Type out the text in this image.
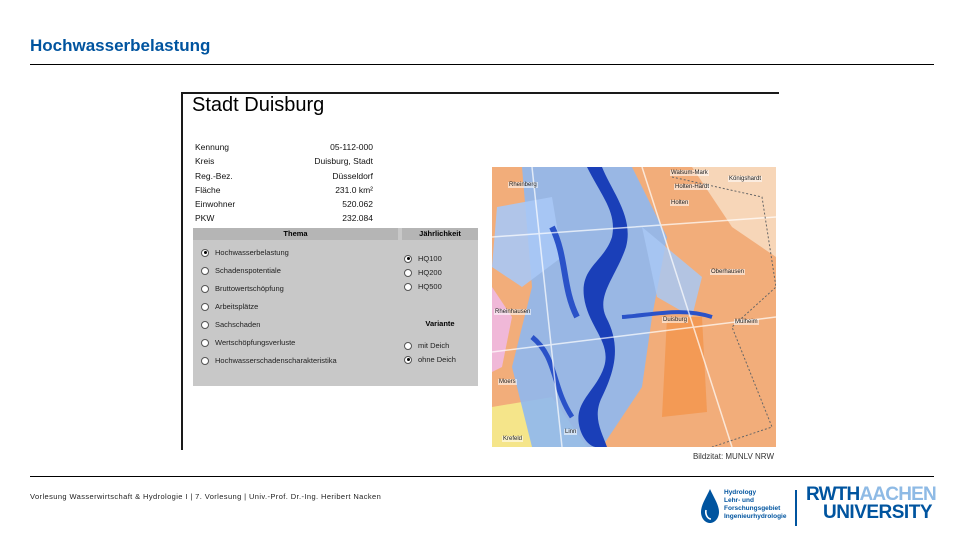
Hochwasserbelastung
Stadt Duisburg
Kennung	05-112-000
Kreis	Duisburg, Stadt
Reg.-Bez.	Düsseldorf
Fläche	231.0 km²
Einwohner	520.062
PKW	232.084
Thema	Jährlichkeit
Hochwasserbelastung
Schadenspotentiale
Bruttowertschöpfung
Arbeitsplätze
Sachschaden
Wertschöpfungsverluste
Hochwasserschadenscharakteristika
HQ100
HQ200
HQ500
Variante
mit Deich
ohne Deich
Walsum-Mark
Holten-Hardt
Königshardt
Rheinberg
Holten
Oberhausen
Rheinhausen
Mülheim
Duisburg
Moers
Linn
Krefeld
Bildzitat: MUNLV NRW
Vorlesung Wasserwirtschaft & Hydrologie I | 7. Vorlesung | Univ.-Prof. Dr.-Ing. Heribert Nacken	Hydrology
Lehr- und
Forschungsgebiet
Ingenieurhydrologie
RWTHAACHEN
UNIVERSITY
